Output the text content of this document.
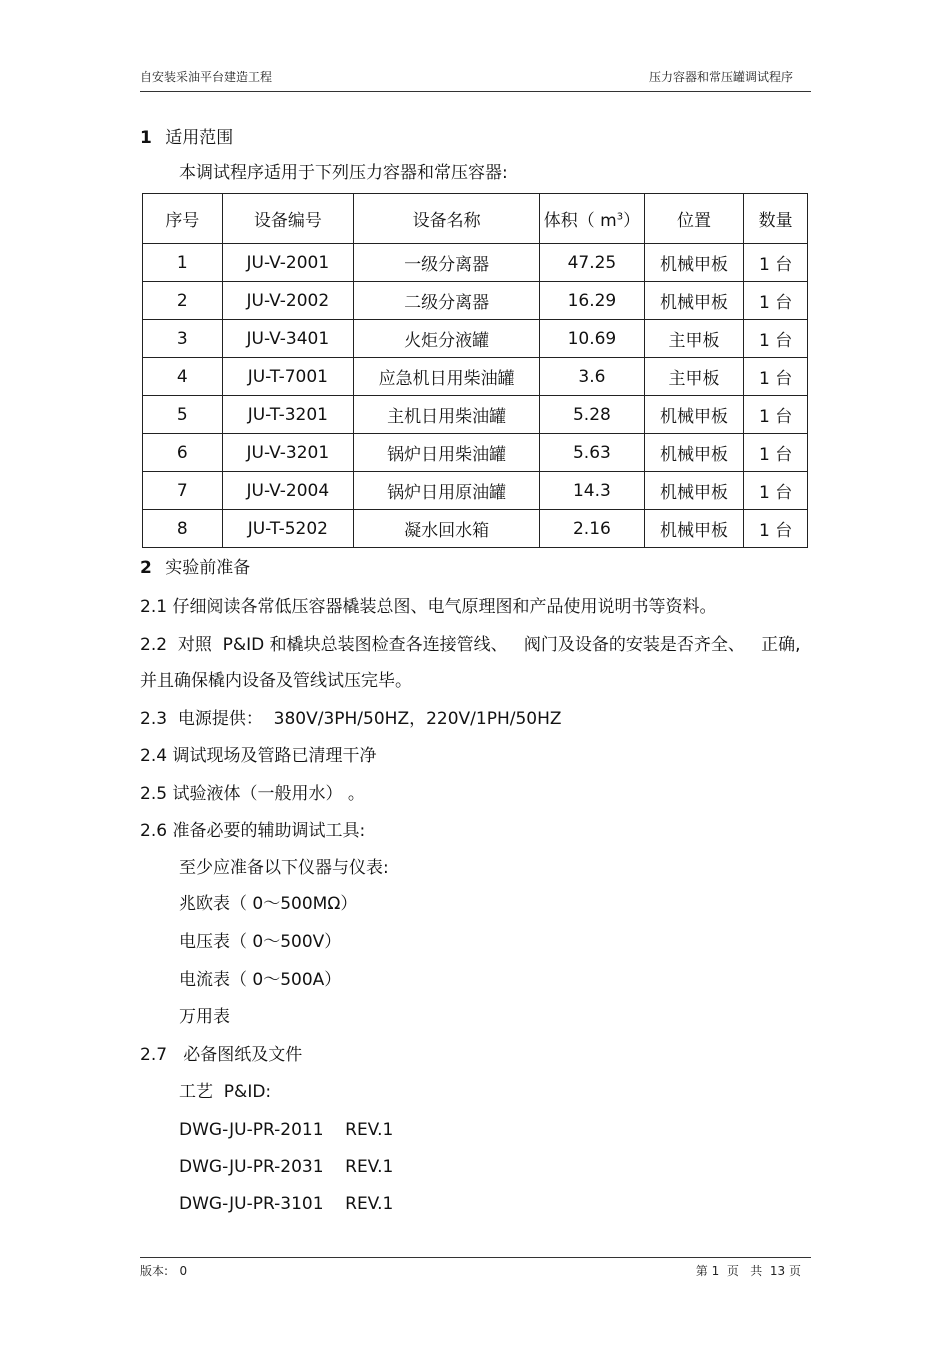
自安装采油平台建造工程	压力容器和常压罐调试程序
1 适用范围
本调试程序适用于下列压力容器和常压容器:
序号	设备编号	设备名称	体积（ $m^3$）	位置	数量
1	JU-V-2001	一级分离器	47.25	机械甲板	1 台
2	JU-V-2002	二级分离器	16.29	机械甲板	1 台
3	JU-V-3401	火炬分液罐	10.69	主甲板	1 台
4	JU-T-7001	应急机日用柴油罐	3.6	主甲板	1 台
5	JU-T-3201	主机日用柴油罐	5.28	机械甲板	1 台
6	JU-V-3201	锅炉日用柴油罐	5.63	机械甲板	1 台
7	JU-V-2004	锅炉日用原油罐	14.3	机械甲板	1 台
8	JU-T-5202	凝水回水箱	2.16	机械甲板	1 台
2 实验前准备
2.1 仔细阅读各常低压容器橇装总图、电气原理图和产品使用说明书等资料。
2.2  对照  P&ID 和橇块总装图检查各连接管线、   阀门及设备的安装是否齐全、   正确,
并且确保橇内设备及管线试压完毕。
2.3  电源提供：  380V/3PH/50HZ，220V/1PH/50HZ
2.4 调试现场及管路已清理干净
2.5 试验液体（一般用水） 。
2.6 准备必要的辅助调试工具:
至少应准备以下仪器与仪表:
兆欧表（ 0～500MΩ）
电压表（ 0～500V）
电流表（ 0～500A）
万用表
2.7   必备图纸及文件
工艺  P&ID:
DWG-JU-PR-2011    REV.1
DWG-JU-PR-2031    REV.1
DWG-JU-PR-3101    REV.1
版本:   0	第 1  页   共  13 页
